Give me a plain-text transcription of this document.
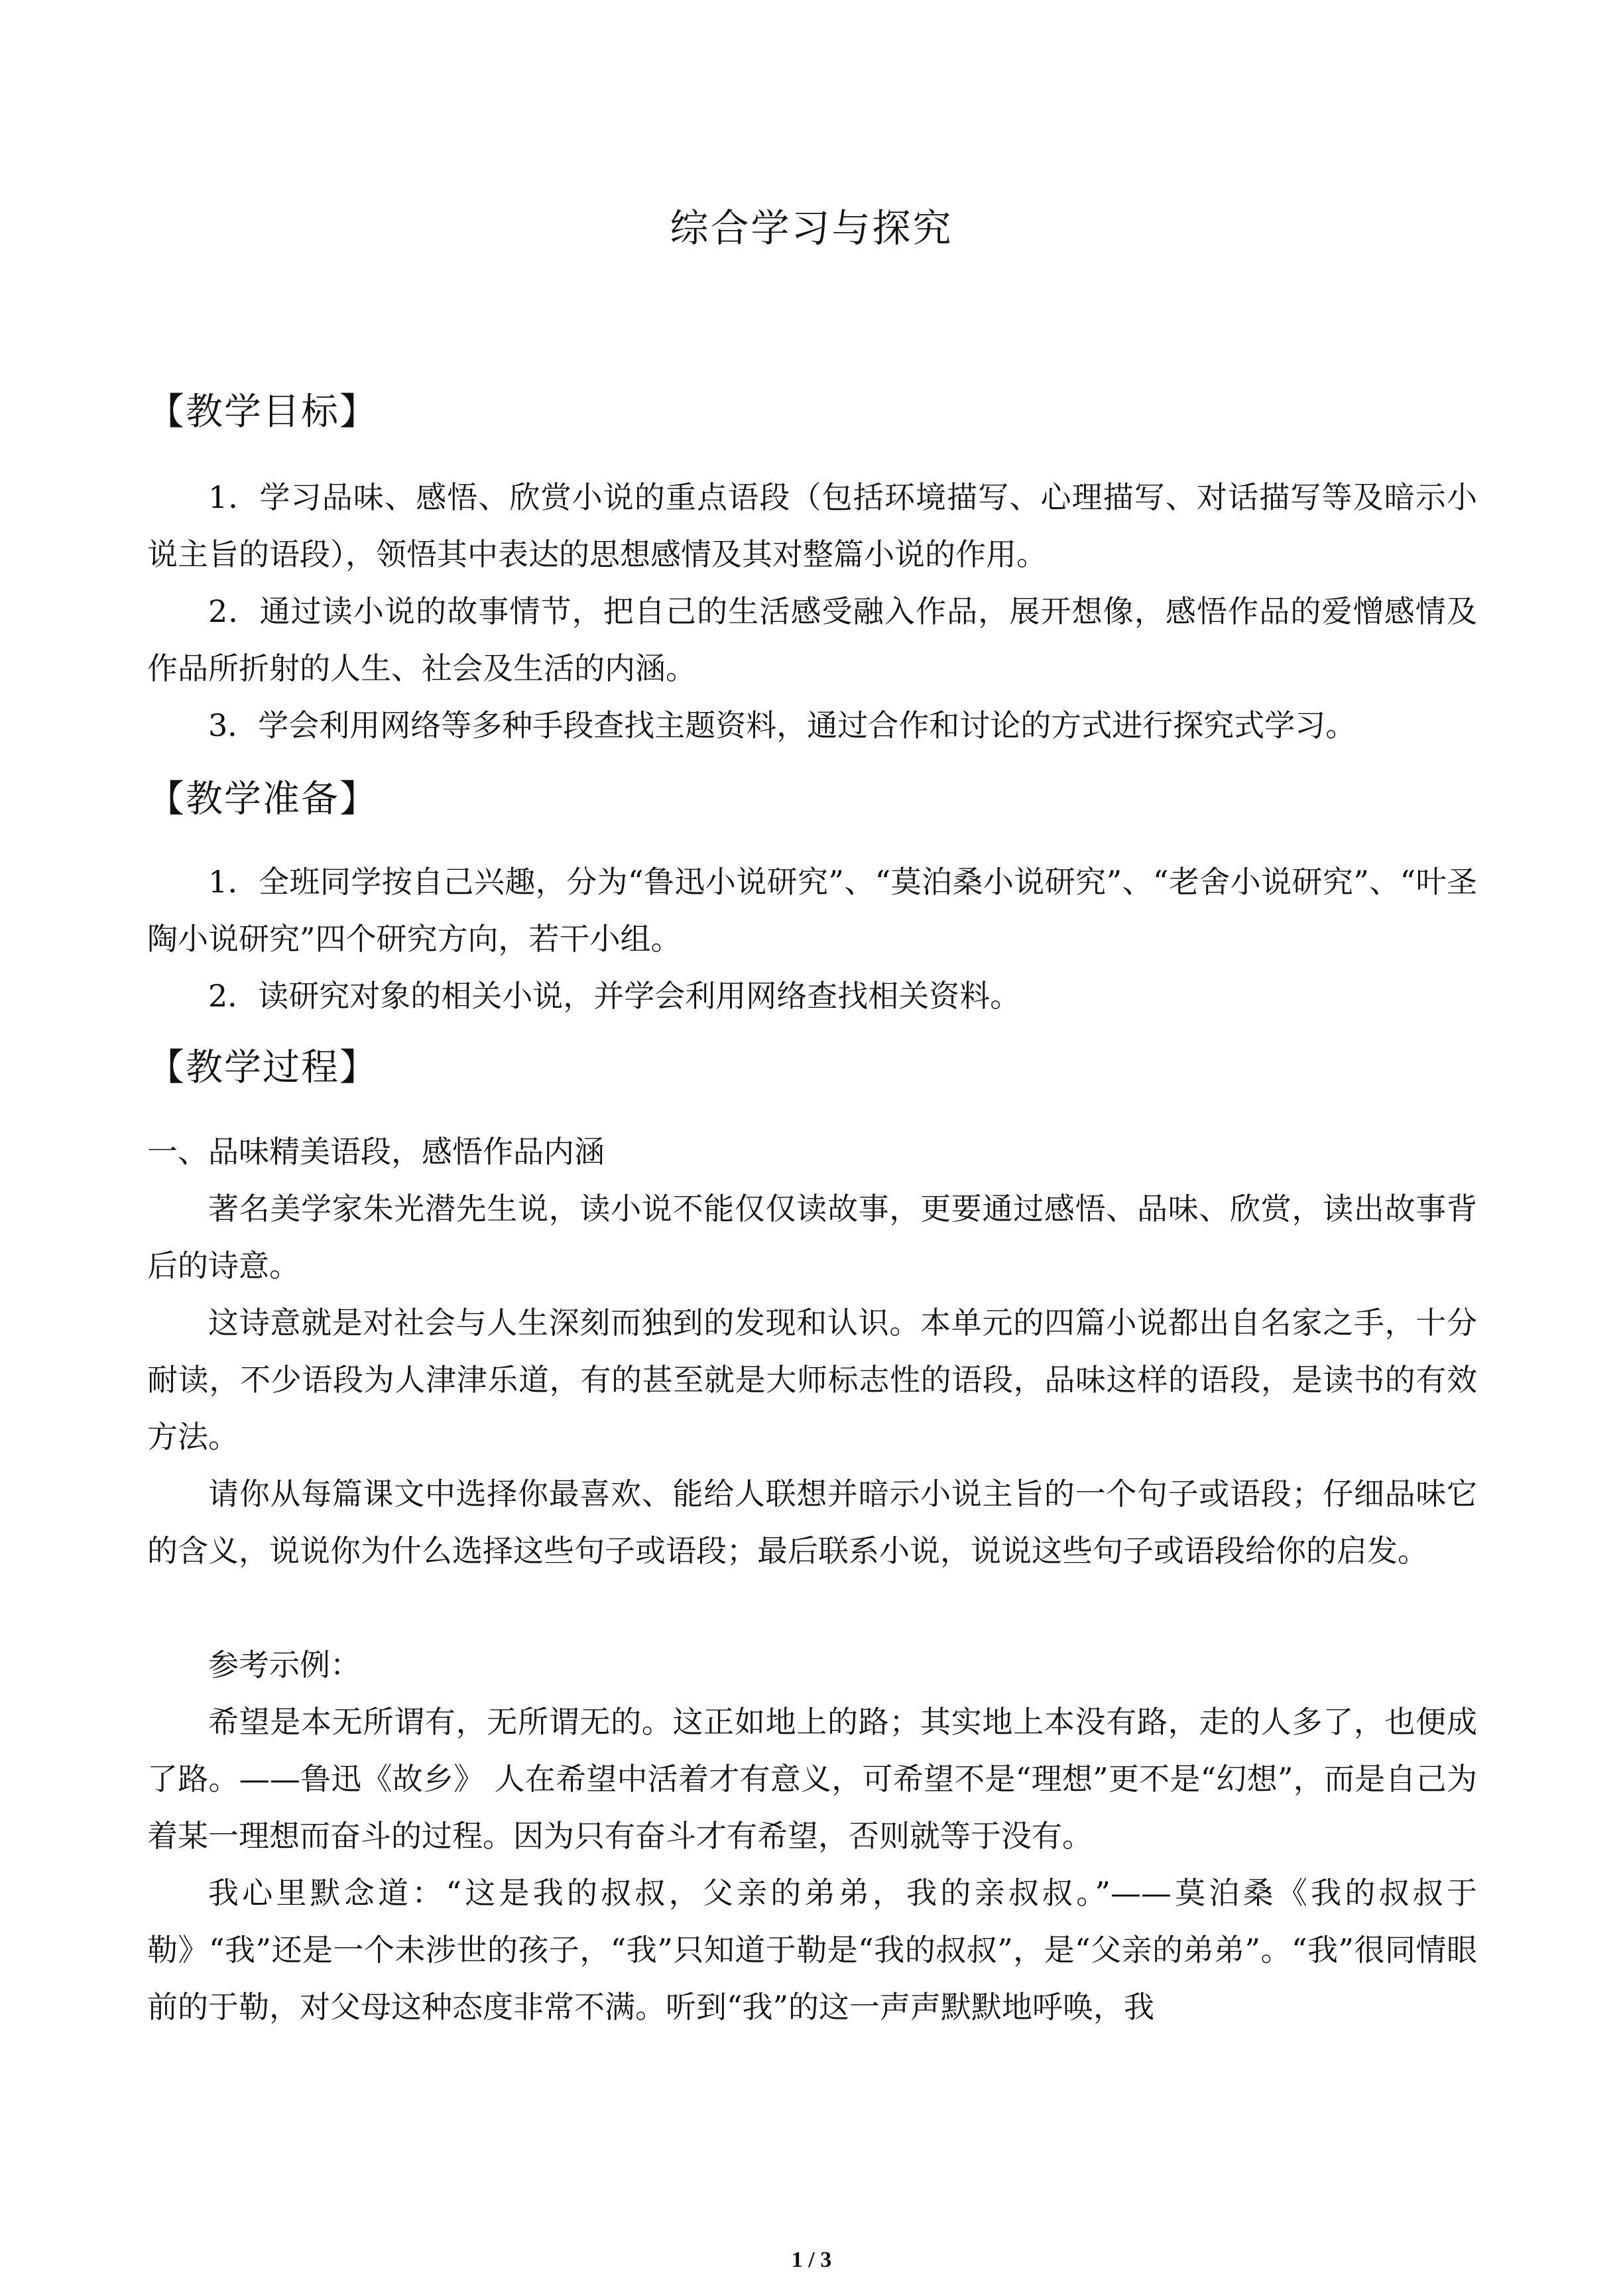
综合学习与探究
【教学目标】

1．学习品味、感悟、欣赏小说的重点语段（包括环境描写、心理描写、对话描写等及暗示小说主旨的语段），领悟其中表达的思想感情及其对整篇小说的作用。

2．通过读小说的故事情节，把自己的生活感受融入作品，展开想像，感悟作品的爱憎感情及作品所折射的人生、社会及生活的内涵。

3．学会利用网络等多种手段查找主题资料，通过合作和讨论的方式进行探究式学习。

【教学准备】

1．全班同学按自己兴趣，分为“鲁迅小说研究”、“莫泊桑小说研究”、“老舍小说研究”、“叶圣陶小说研究”四个研究方向，若干小组。

2．读研究对象的相关小说，并学会利用网络查找相关资料。

【教学过程】

一、品味精美语段，感悟作品内涵

著名美学家朱光潜先生说，读小说不能仅仅读故事，更要通过感悟、品味、欣赏，读出故事背后的诗意。

这诗意就是对社会与人生深刻而独到的发现和认识。本单元的四篇小说都出自名家之手，十分耐读，不少语段为人津津乐道，有的甚至就是大师标志性的语段，品味这样的语段，是读书的有效方法。

请你从每篇课文中选择你最喜欢、能给人联想并暗示小说主旨的一个句子或语段；仔细品味它的含义，说说你为什么选择这些句子或语段；最后联系小说，说说这些句子或语段给你的启发。

参考示例：

希望是本无所谓有，无所谓无的。这正如地上的路；其实地上本没有路，走的人多了，也便成了路。——鲁迅《故乡》 人在希望中活着才有意义，可希望不是“理想”更不是“幻想”，而是自己为着某一理想而奋斗的过程。因为只有奋斗才有希望，否则就等于没有。

我心里默念道：“这是我的叔叔，父亲的弟弟，我的亲叔叔。”——莫泊桑《我的叔叔于勒》“我”还是一个未涉世的孩子，“我”只知道于勒是“我的叔叔”，是“父亲的弟弟”。“我”很同情眼前的于勒，对父母这种态度非常不满。听到“我”的这一声声默默地呼唤，我

1 / 3
